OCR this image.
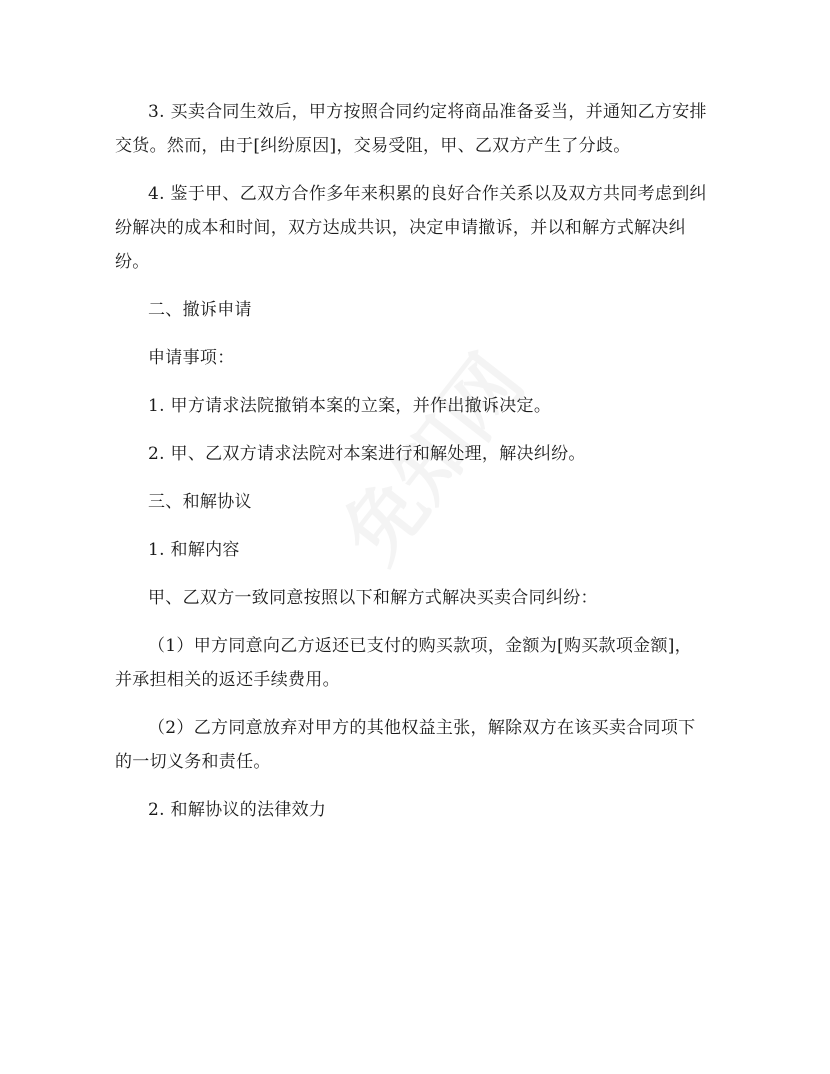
3. 买卖合同生效后，甲方按照合同约定将商品准备妥当，并通知乙方安排交货。然而，由于[纠纷原因]，交易受阻，甲、乙双方产生了分歧。

4. 鉴于甲、乙双方合作多年来积累的良好合作关系以及双方共同考虑到纠纷解决的成本和时间，双方达成共识，决定申请撤诉，并以和解方式解决纠纷。

二、撤诉申请

申请事项：

1. 甲方请求法院撤销本案的立案，并作出撤诉决定。

2. 甲、乙双方请求法院对本案进行和解处理，解决纠纷。

三、和解协议

1. 和解内容

甲、乙双方一致同意按照以下和解方式解决买卖合同纠纷：

（1）甲方同意向乙方返还已支付的购买款项，金额为[购买款项金额]，并承担相关的返还手续费用。

（2）乙方同意放弃对甲方的其他权益主张，解除双方在该买卖合同项下的一切义务和责任。

2. 和解协议的法律效力
